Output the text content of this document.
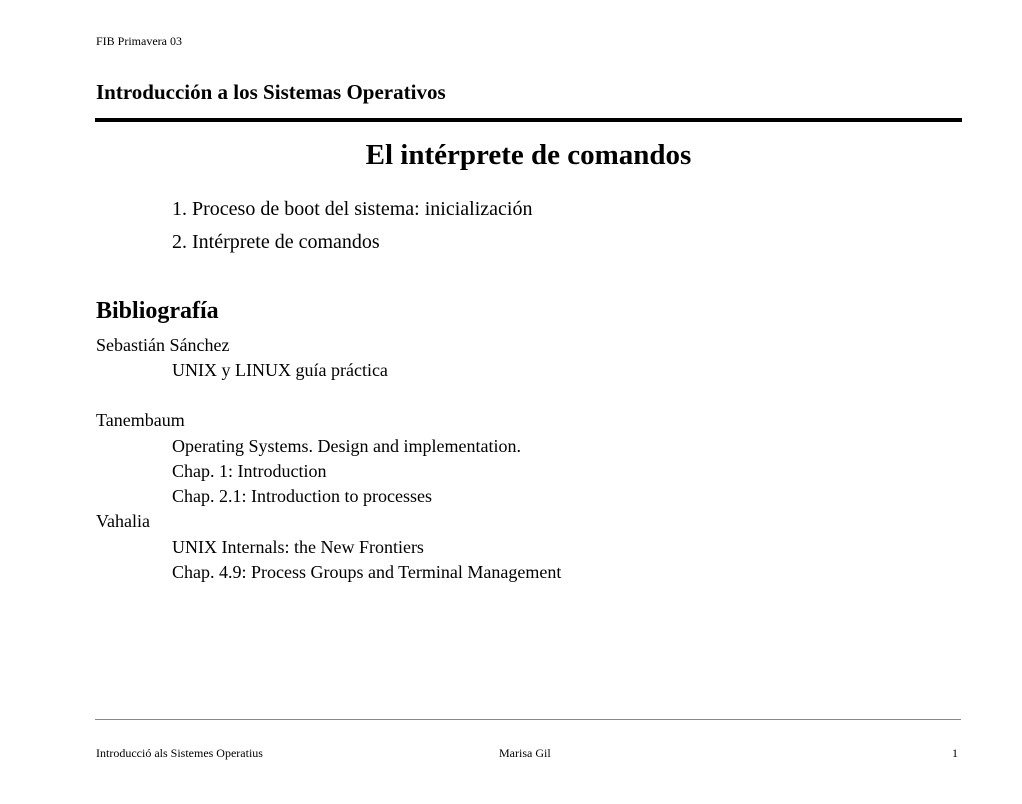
FIB Primavera 03
Introducción a los Sistemas Operativos
El intérprete de comandos
1. Proceso de boot del sistema: inicialización
2. Intérprete de comandos
Bibliografía
Sebastián Sánchez
UNIX y LINUX guía práctica
Tanembaum
Operating Systems. Design and implementation.
Chap. 1: Introduction
Chap. 2.1: Introduction to processes
Vahalia
UNIX Internals: the New Frontiers
Chap. 4.9: Process Groups and Terminal Management
Introducció als Sistemes Operatius	Marisa Gil	1
